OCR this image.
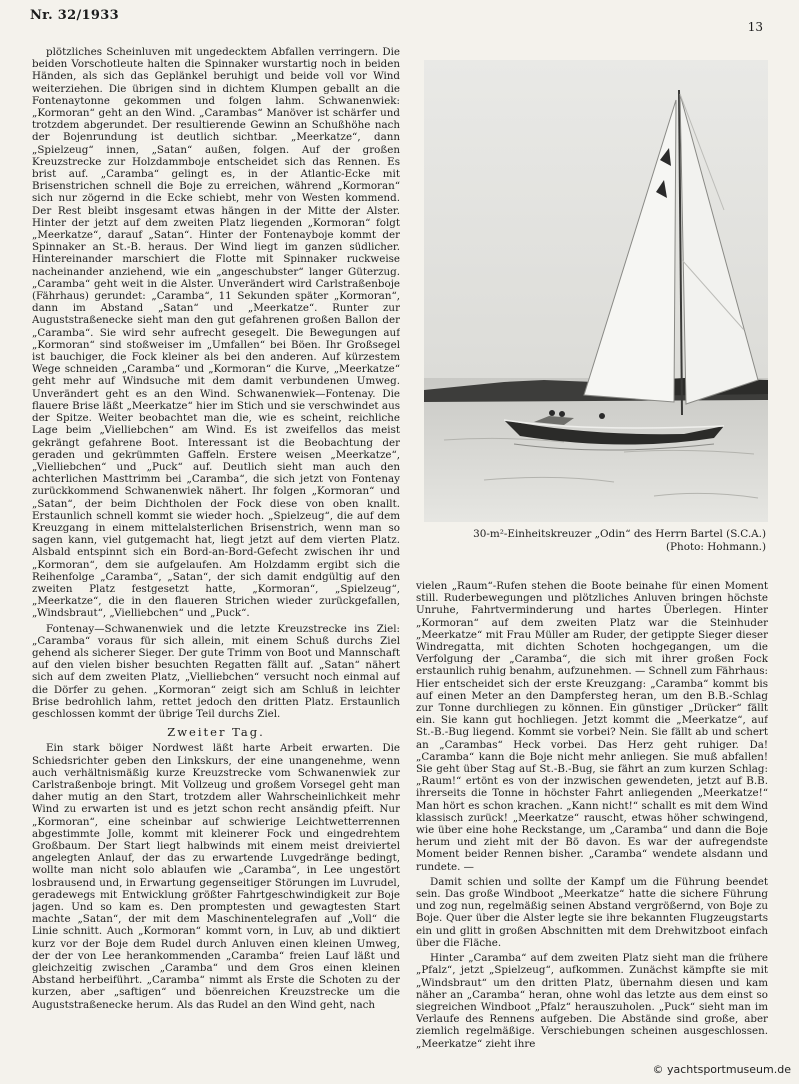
Nr. 32/1933
13

plötzliches Scheinluven mit ungedecktem Abfallen verringern. Die beiden Vorschotleute halten die Spinnaker wurstartig noch in beiden Händen, als sich das Geplänkel beruhigt und beide voll vor Wind weiterziehen. Die übrigen sind in dichtem Klumpen geballt an die Fontenaytonne gekommen und folgen lahm. Schwanenwiek: „Kormoran“ geht an den Wind. „Carambas“ Manöver ist schärfer und trotzdem abgerundet. Der resultierende Gewinn an Schußhöhe nach der Bojenrundung ist deutlich sichtbar. „Meerkatze“, dann „Spielzeug“ innen, „Satan“ außen, folgen. Auf der großen Kreuzstrecke zur Holzdammboje entscheidet sich das Rennen. Es brist auf. „Caramba“ gelingt es, in der Atlantic-Ecke mit Brisenstrichen schnell die Boje zu erreichen, während „Kormoran“ sich nur zögernd in die Ecke schiebt, mehr von Westen kommend. Der Rest bleibt insgesamt etwas hängen in der Mitte der Alster. Hinter der jetzt auf dem zweiten Platz liegenden „Kormoran“ folgt „Meerkatze“, darauf „Satan“. Hinter der Fontenayboje kommt der Spinnaker an St.-B. heraus. Der Wind liegt im ganzen südlicher. Hintereinander marschiert die Flotte mit Spinnaker ruckweise nacheinander anziehend, wie ein „angeschubster“ langer Güterzug. „Caramba“ geht weit in die Alster. Unverändert wird Carlstraßenboje (Fährhaus) gerundet: „Caramba“, 11 Sekunden später „Kormoran“, dann im Abstand „Satan“ und „Meerkatze“. Runter zur Auguststraßenecke sieht man den gut gefahrenen großen Ballon der „Caramba“. Sie wird sehr aufrecht gesegelt. Die Bewegungen auf „Kormoran“ sind stoßweiser im „Umfallen“ bei Böen. Ihr Großsegel ist bauchiger, die Fock kleiner als bei den anderen. Auf kürzestem Wege schneiden „Caramba“ und „Kormoran“ die Kurve, „Meerkatze“ geht mehr auf Windsuche mit dem damit verbundenen Umweg. Unverändert geht es an den Wind. Schwanenwiek—Fontenay. Die flauere Brise läßt „Meerkatze“ hier im Stich und sie verschwindet aus der Spitze. Weiter beobachtet man die, wie es scheint, reichliche Lage beim „Vielliebchen“ am Wind. Es ist zweifellos das meist gekrängt gefahrene Boot. Interessant ist die Beobachtung der geraden und gekrümmten Gaffeln. Erstere weisen „Meerkatze“, „Vielliebchen“ und „Puck“ auf. Deutlich sieht man auch den achterlichen Masttrimm bei „Caramba“, die sich jetzt von Fontenay zurückkommend Schwanenwiek nähert. Ihr folgen „Kormoran“ und „Satan“, der beim Dichtholen der Fock diese von oben knallt. Erstaunlich schnell kommt sie wieder hoch. „Spielzeug“, die auf dem Kreuzgang in einem mittelalsterlichen Brisenstrich, wenn man so sagen kann, viel gutgemacht hat, liegt jetzt auf dem vierten Platz. Alsbald entspinnt sich ein Bord-an-Bord-Gefecht zwischen ihr und „Kormoran“, dem sie aufgelaufen. Am Holzdamm ergibt sich die Reihenfolge „Caramba“, „Satan“, der sich damit endgültig auf den zweiten Platz festgesetzt hatte, „Kormoran“, „Spielzeug“, „Meerkatze“, die in den flaueren Strichen wieder zurückgefallen, „Windsbraut“, „Vielliebchen“ und „Puck“.

Fontenay—Schwanenwiek und die letzte Kreuzstrecke ins Ziel: „Caramba“ voraus für sich allein, mit einem Schuß durchs Ziel gehend als sicherer Sieger. Der gute Trimm von Boot und Mannschaft auf den vielen bisher besuchten Regatten fällt auf. „Satan“ nähert sich auf dem zweiten Platz, „Vielliebchen“ versucht noch einmal auf die Dörfer zu gehen. „Kormoran“ zeigt sich am Schluß in leichter Brise bedrohlich lahm, rettet jedoch den dritten Platz. Erstaunlich geschlossen kommt der übrige Teil durchs Ziel.

Zweiter Tag.

Ein stark böiger Nordwest läßt harte Arbeit erwarten. Die Schiedsrichter geben den Linkskurs, der eine unangenehme, wenn auch verhältnismäßig kurze Kreuzstrecke vom Schwanenwiek zur Carlstraßenboje bringt. Mit Vollzeug und großem Vorsegel geht man daher mutig an den Start, trotzdem aller Wahrscheinlichkeit mehr Wind zu erwarten ist und es jetzt schon recht ansändig pfeift. Nur „Kormoran“, eine scheinbar auf schwierige Leichtwetterrennen abgestimmte Jolle, kommt mit kleinerer Fock und eingedrehtem Großbaum. Der Start liegt halbwinds mit einem meist dreiviertel angelegten Anlauf, der das zu erwartende Luvgedränge bedingt, wollte man nicht solo ablaufen wie „Caramba“, in Lee ungestört losbrausend und, in Erwartung gegenseitiger Störungen im Luvrudel, geradewegs mit Entwicklung größter Fahrtgeschwindigkeit zur Boje jagen. Und so kam es. Den promptesten und gewagtesten Start machte „Satan“, der mit dem Maschinentelegrafen auf „Voll“ die Linie schnitt. Auch „Kormoran“ kommt vorn, in Luv, ab und diktiert kurz vor der Boje dem Rudel durch Anluven einen kleinen Umweg, der der von Lee herankommenden „Caramba“ freien Lauf läßt und gleichzeitig zwischen „Caramba“ und dem Gros einen kleinen Abstand herbeiführt. „Caramba“ nimmt als Erste die Schoten zu der kurzen, aber „saftigen“ und böenreichen Kreuzstrecke um die Auguststraßenecke herum. Als das Rudel an den Wind geht, nach

30-m²-Einheitskreuzer „Odin“ des Herrn Bartel (S.C.A.)
(Photo: Hohmann.)

vielen „Raum“-Rufen stehen die Boote beinahe für einen Moment still. Ruderbewegungen und plötzliches Anluven bringen höchste Unruhe, Fahrtverminderung und hartes Überlegen. Hinter „Kormoran“ auf dem zweiten Platz war die Steinhuder „Meerkatze“ mit Frau Müller am Ruder, der getippte Sieger dieser Windregatta, mit dichten Schoten hochgegangen, um die Verfolgung der „Caramba“, die sich mit ihrer großen Fock erstaunlich ruhig benahm, aufzunehmen. — Schnell zum Fährhaus: Hier entscheidet sich der erste Kreuzgang: „Caramba“ kommt bis auf einen Meter an den Dampfersteg heran, um den B.B.-Schlag zur Tonne durchliegen zu können. Ein günstiger „Drücker“ fällt ein. Sie kann gut hochliegen. Jetzt kommt die „Meerkatze“, auf St.-B.-Bug liegend. Kommt sie vorbei? Nein. Sie fällt ab und schert an „Carambas“ Heck vorbei. Das Herz geht ruhiger. Da! „Caramba“ kann die Boje nicht mehr anliegen. Sie muß abfallen! Sie geht über Stag auf St.-B.-Bug, sie fährt an zum kurzen Schlag: „Raum!“ ertönt es von der inzwischen gewendeten, jetzt auf B.B. ihrerseits die Tonne in höchster Fahrt anliegenden „Meerkatze!“ Man hört es schon krachen. „Kann nicht!“ schallt es mit dem Wind klassisch zurück! „Meerkatze“ rauscht, etwas höher schwingend, wie über eine hohe Reckstange, um „Caramba“ und dann die Boje herum und zieht mit der Bö davon. Es war der aufregendste Moment beider Rennen bisher. „Caramba“ wendete alsdann und rundete. —

Damit schien und sollte der Kampf um die Führung beendet sein. Das große Windboot „Meerkatze“ hatte die sichere Führung und zog nun, regelmäßig seinen Abstand vergrößernd, von Boje zu Boje. Quer über die Alster legte sie ihre bekannten Flugzeugstarts ein und glitt in großen Abschnitten mit dem Drehwitzboot einfach über die Fläche.

Hinter „Caramba“ auf dem zweiten Platz sieht man die frühere „Pfalz“, jetzt „Spielzeug“, aufkommen. Zunächst kämpfte sie mit „Windsbraut“ um den dritten Platz, übernahm diesen und kam näher an „Caramba“ heran, ohne wohl das letzte aus dem einst so siegreichen Windboot „Pfalz“ herauszuholen. „Puck“ sieht man im Verlaufe des Rennens aufgeben. Die Abstände sind große, aber ziemlich regelmäßige. Verschiebungen scheinen ausgeschlossen. „Meerkatze“ zieht ihre

© yachtsportmuseum.de
